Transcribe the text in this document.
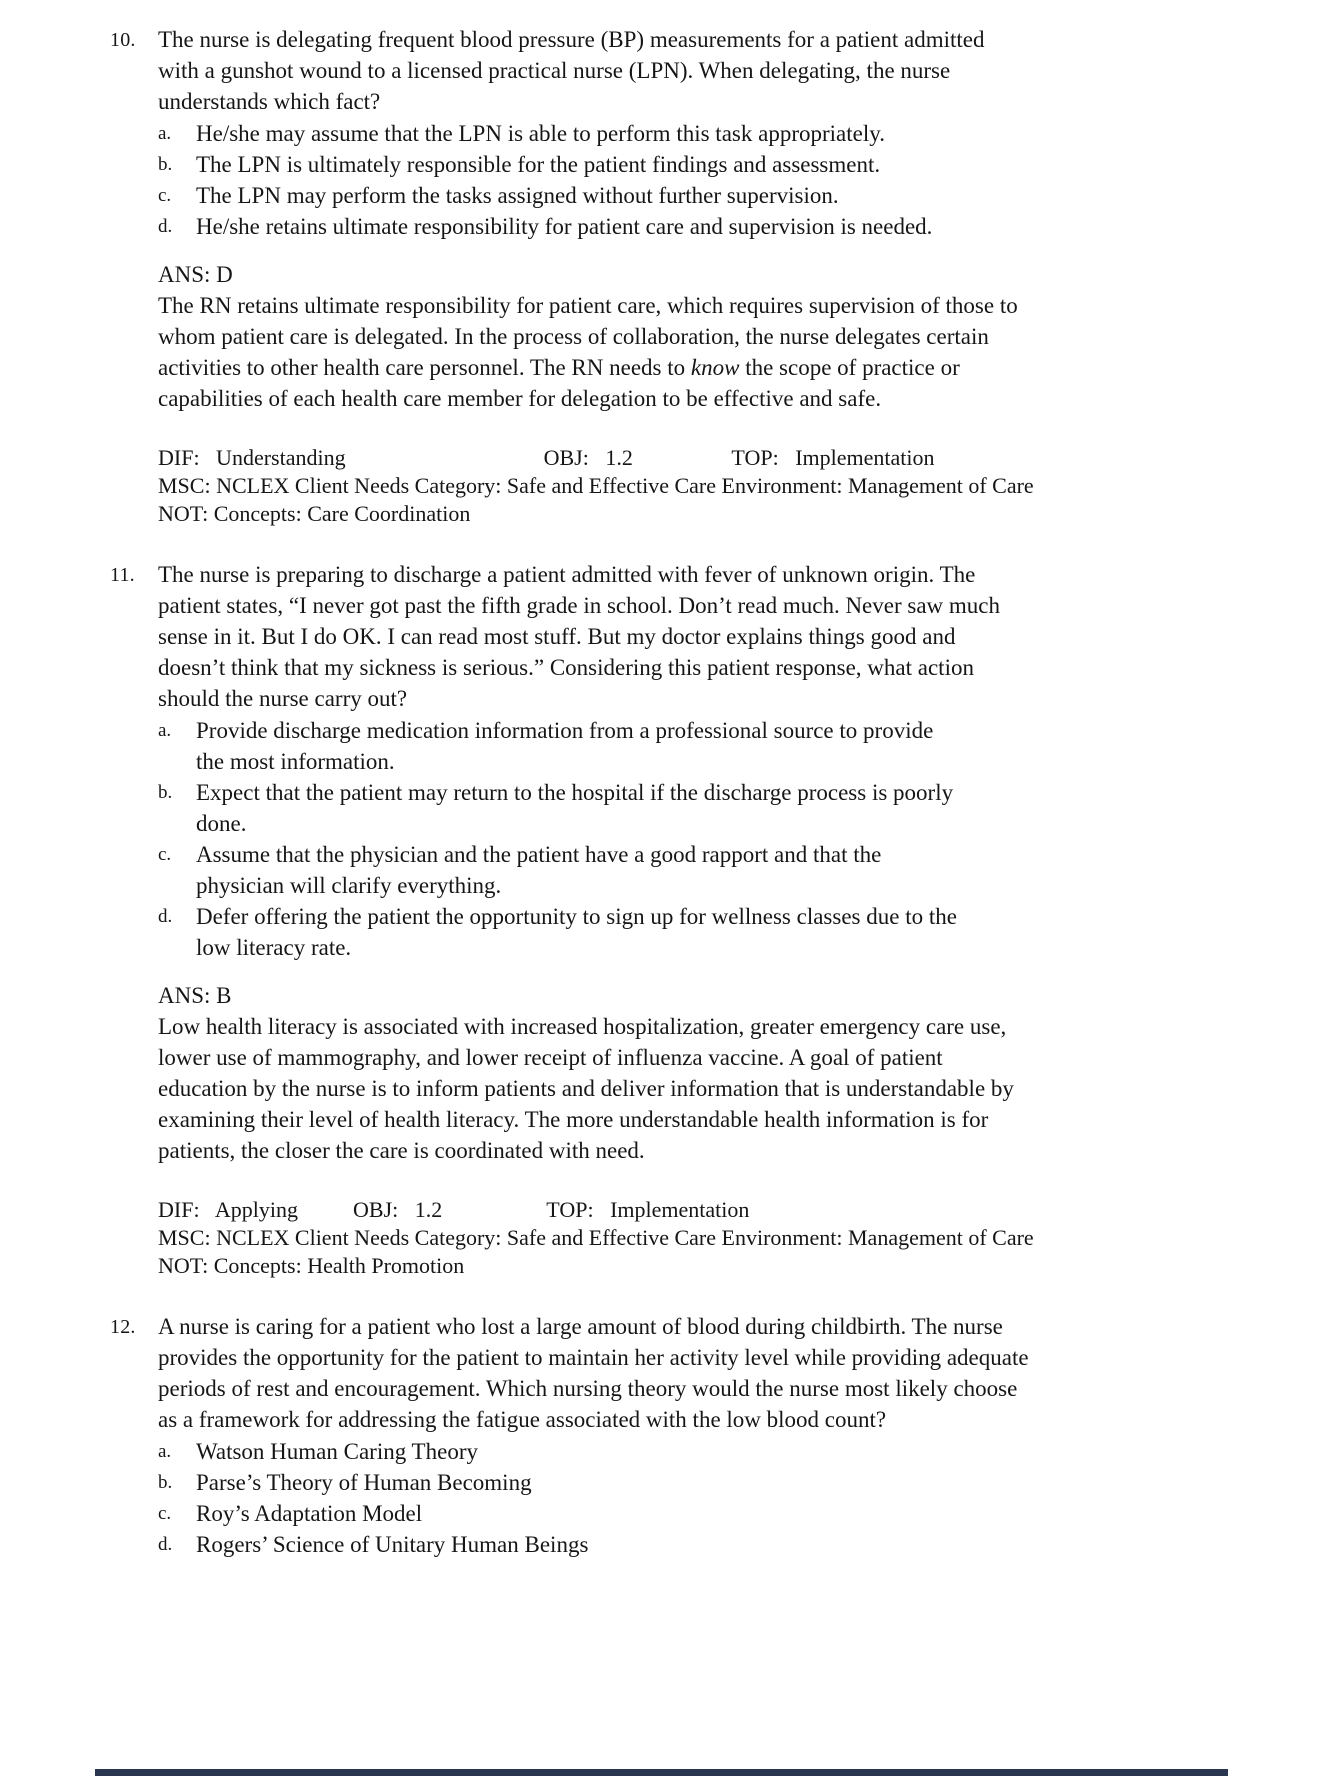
10. The nurse is delegating frequent blood pressure (BP) measurements for a patient admitted
with a gunshot wound to a licensed practical nurse (LPN). When delegating, the nurse
understands which fact?
a.	He/she may assume that the LPN is able to perform this task appropriately.
b.	The LPN is ultimately responsible for the patient findings and assessment.
c.	The LPN may perform the tasks assigned without further supervision.
d.	He/she retains ultimate responsibility for patient care and supervision is needed.
ANS: D
The RN retains ultimate responsibility for patient care, which requires supervision of those to
whom patient care is delegated. In the process of collaboration, the nurse delegates certain
activities to other health care personnel. The RN needs to know the scope of practice or
capabilities of each health care member for delegation to be effective and safe.
DIF:   Understanding                                    OBJ:   1.2                  TOP:   Implementation
MSC: NCLEX Client Needs Category: Safe and Effective Care Environment: Management of Care
NOT: Concepts: Care Coordination
11.	The nurse is preparing to discharge a patient admitted with fever of unknown origin. The
patient states, “I never got past the fifth grade in school. Don’t read much. Never saw much
sense in it. But I do OK. I can read most stuff. But my doctor explains things good and
doesn’t think that my sickness is serious.” Considering this patient response, what action
should the nurse carry out?
a.	Provide discharge medication information from a professional source to provide
the most information.
b.	Expect that the patient may return to the hospital if the discharge process is poorly
done.
c.	Assume that the physician and the patient have a good rapport and that the
physician will clarify everything.
d.	Defer offering the patient the opportunity to sign up for wellness classes due to the
low literacy rate.
ANS: B
Low health literacy is associated with increased hospitalization, greater emergency care use,
lower use of mammography, and lower receipt of influenza vaccine. A goal of patient
education by the nurse is to inform patients and deliver information that is understandable by
examining their level of health literacy. The more understandable health information is for
patients, the closer the care is coordinated with need.
DIF:   Applying          OBJ:   1.2                   TOP:   Implementation
MSC: NCLEX Client Needs Category: Safe and Effective Care Environment: Management of Care
NOT: Concepts: Health Promotion
12. A nurse is caring for a patient who lost a large amount of blood during childbirth. The nurse
provides the opportunity for the patient to maintain her activity level while providing adequate
periods of rest and encouragement. Which nursing theory would the nurse most likely choose
as a framework for addressing the fatigue associated with the low blood count?
a.	Watson Human Caring Theory
b.	Parse’s Theory of Human Becoming
c.	Roy’s Adaptation Model
d.	Rogers’ Science of Unitary Human Beings
